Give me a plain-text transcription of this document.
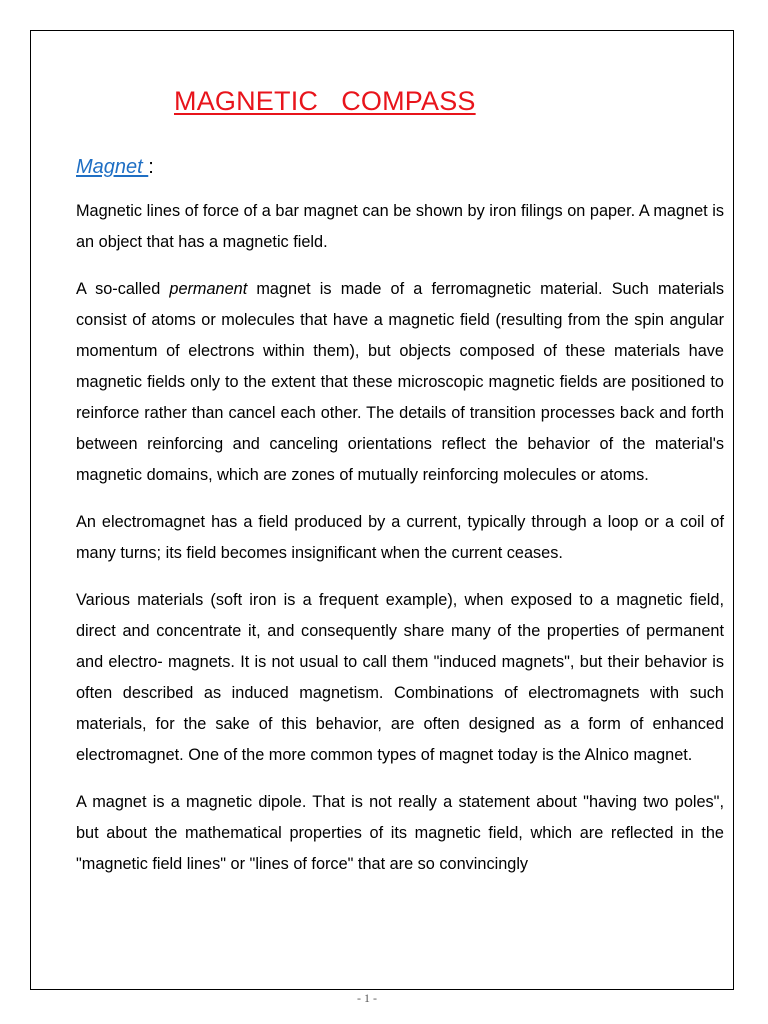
- 1 -
MAGNETIC   COMPASS
Magnet :

Magnetic lines of force of a bar magnet can be shown by iron filings on paper. A magnet is an object that has a magnetic field.

A so-called permanent magnet is made of a ferromagnetic material. Such materials consist of atoms or molecules that have a magnetic field (resulting from the spin angular momentum of electrons within them), but objects composed of these materials have magnetic fields only to the extent that these microscopic magnetic fields are positioned to reinforce rather than cancel each other. The details of transition processes back and forth between reinforcing and canceling orientations reflect the behavior of the material's magnetic domains, which are zones of mutually reinforcing molecules or atoms.

An electromagnet has a field produced by a current, typically through a loop or a coil of many turns; its field becomes insignificant when the current ceases.

Various materials (soft iron is a frequent example), when exposed to a magnetic field, direct and concentrate it, and consequently share many of the properties of permanent and electro- magnets. It is not usual to call them "induced magnets", but their behavior is often described as induced magnetism. Combinations of electromagnets with such materials, for the sake of this behavior, are often designed as a form of enhanced electromagnet. One of the more common types of magnet today is the Alnico magnet.

A magnet is a magnetic dipole. That is not really a statement about "having two poles", but about the mathematical properties of its magnetic field, which are reflected in the "magnetic field lines" or "lines of force" that are so convincingly
